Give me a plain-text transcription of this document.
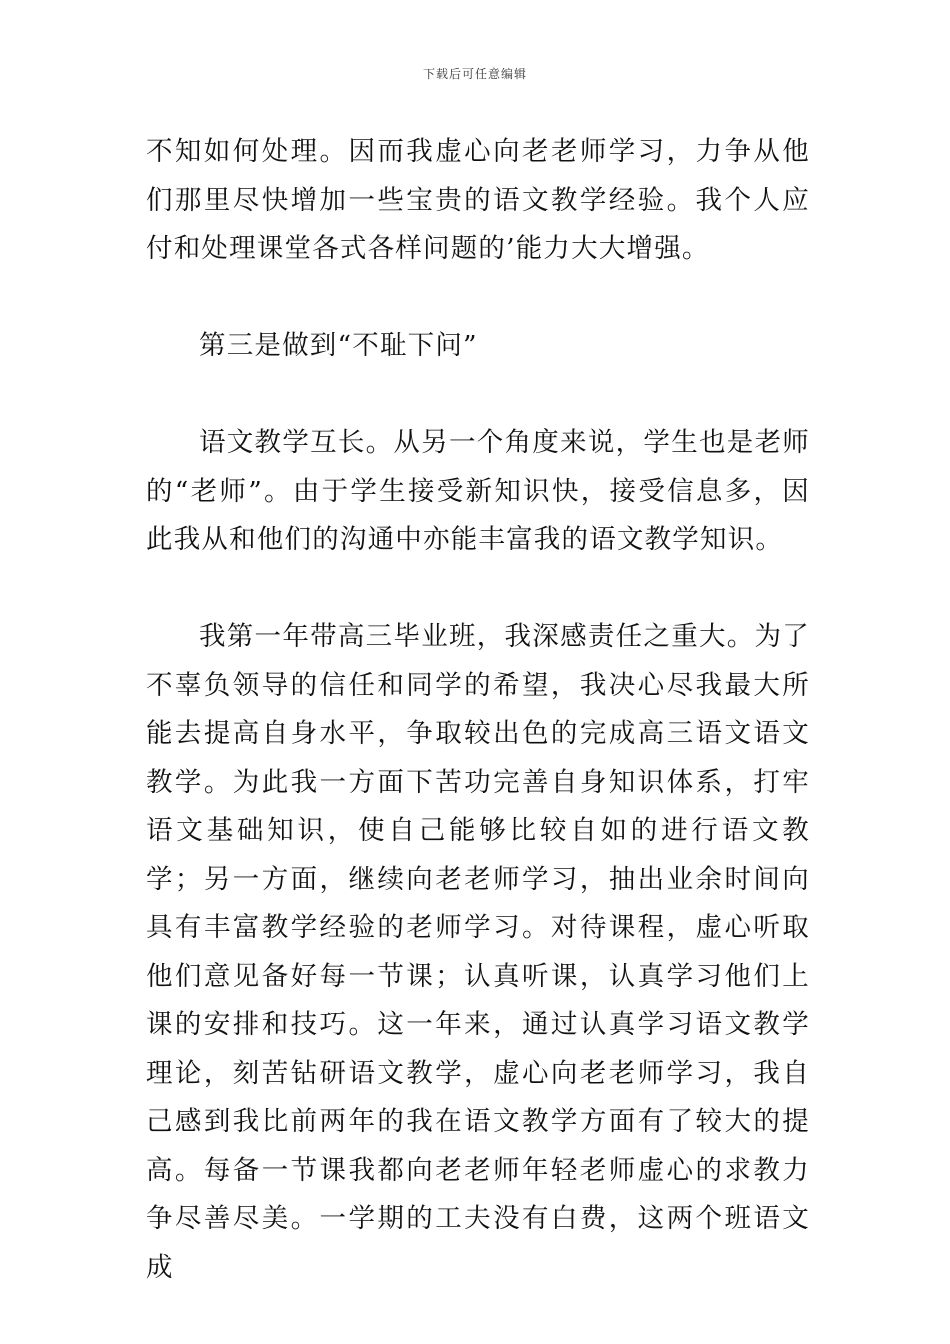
下载后可任意编辑

不知如何处理。因而我虚心向老老师学习，力争从他们那里尽快增加一些宝贵的语文教学经验。我个人应付和处理课堂各式各样问题的’能力大大增强。

第三是做到“不耻下问”

语文教学互长。从另一个角度来说，学生也是老师的“老师”。由于学生接受新知识快，接受信息多，因此我从和他们的沟通中亦能丰富我的语文教学知识。

我第一年带高三毕业班，我深感责任之重大。为了不辜负领导的信任和同学的希望，我决心尽我最大所能去提高自身水平，争取较出色的完成高三语文语文教学。为此我一方面下苦功完善自身知识体系，打牢语文基础知识，使自己能够比较自如的进行语文教学；另一方面，继续向老老师学习，抽出业余时间向具有丰富教学经验的老师学习。对待课程，虚心听取他们意见备好每一节课；认真听课，认真学习他们上课的安排和技巧。这一年来，通过认真学习语文教学理论，刻苦钻研语文教学，虚心向老老师学习，我自己感到我比前两年的我在语文教学方面有了较大的提高。每备一节课我都向老老师年轻老师虚心的求教力争尽善尽美。一学期的工夫没有白费，这两个班语文成
